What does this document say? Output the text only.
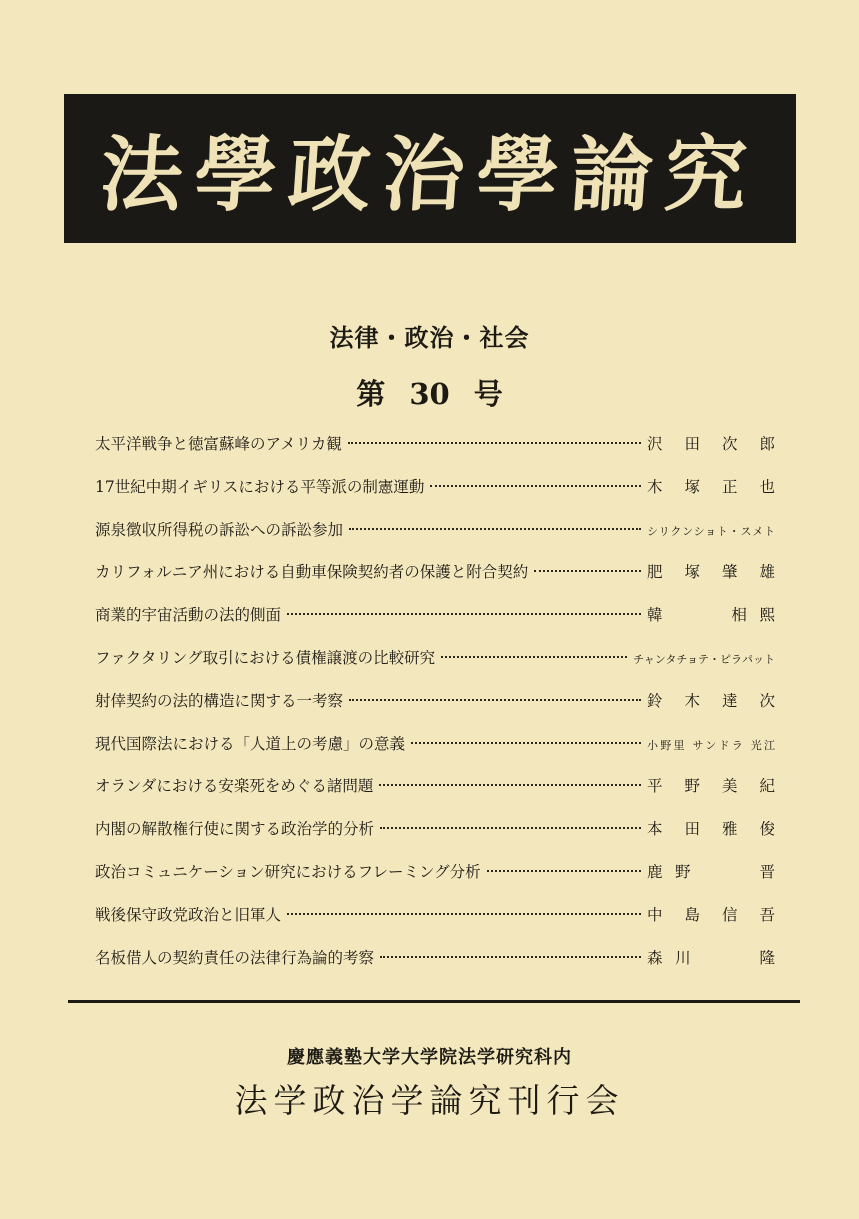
法學政治學論究
法律・政治・社会
第 30 号
太平洋戦争と徳富蘇峰のアメリカ観	沢田次郎
17世紀中期イギリスにおける平等派の制憲運動	木塚正也
源泉徴収所得税の訴訟への訴訟参加	シリクンショト・スメト
カリフォルニア州における自動車保険契約者の保護と附合契約	肥塚肇雄
商業的宇宙活動の法的側面	韓　　相熙
ファクタリング取引における債権譲渡の比較研究	チャンタチョテ・ピラパット
射倖契約の法的構造に関する一考察	鈴木達次
現代国際法における「人道上の考慮」の意義	小野里 サンドラ 光江
オランダにおける安楽死をめぐる諸問題	平野美紀
内閣の解散権行使に関する政治学的分析	本田雅俊
政治コミュニケーション研究におけるフレーミング分析	鹿野　　晋
戦後保守政党政治と旧軍人	中島信吾
名板借人の契約責任の法律行為論的考察	森川　　隆
慶應義塾大学大学院法学研究科内
法学政治学論究刊行会
